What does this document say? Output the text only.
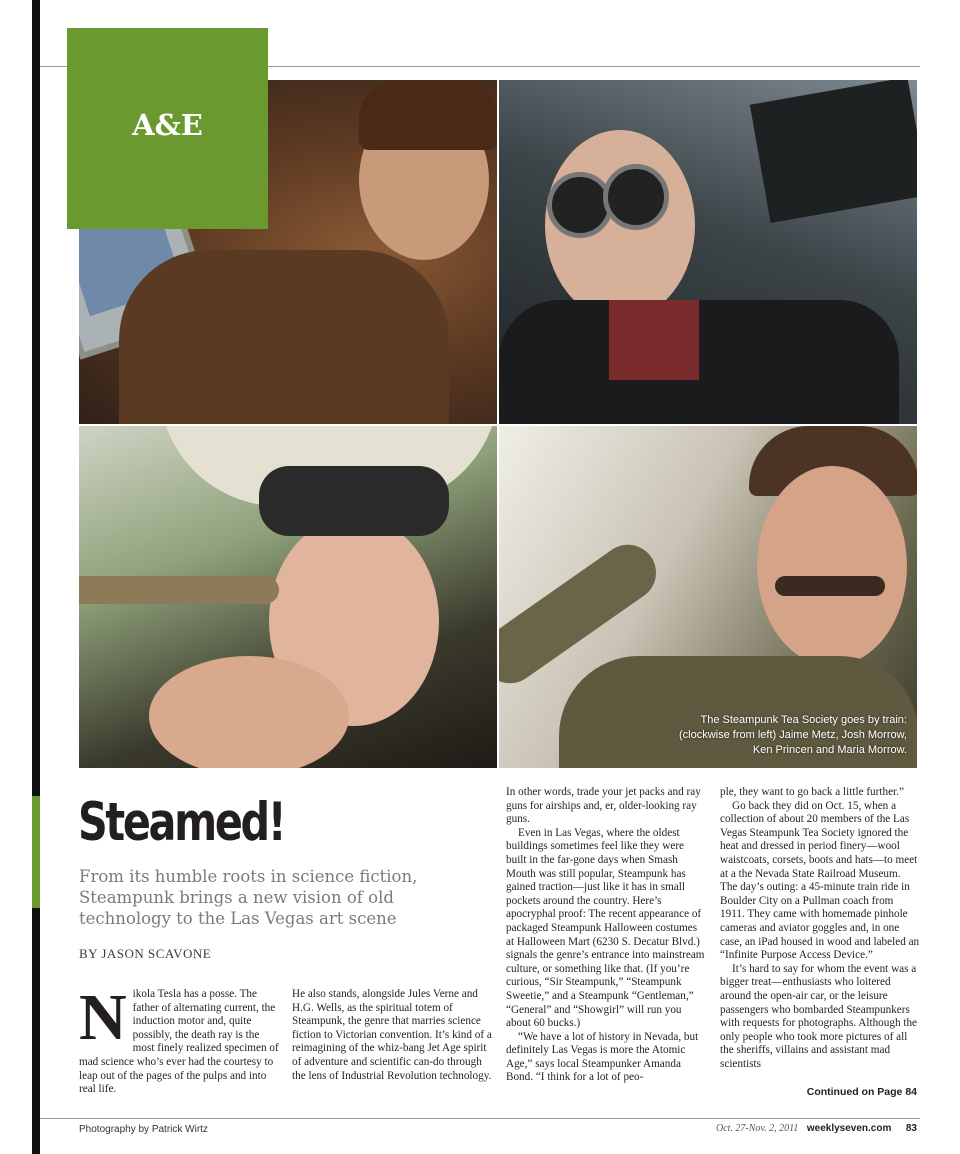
The Steampunk Tea Society goes by train: (clockwise from left) Jaime Metz, Josh Morrow, Ken Princen and Maria Morrow.
A&E
Steamed!
From its humble roots in science fiction, Steampunk brings a new vision of old technology to the Las Vegas art scene
BY JASON SCAVONE
N ikola Tesla has a posse. The father of alternating current, the induction motor and, quite possibly, the death ray is the most finely realized specimen of mad science who’s ever had the courtesy to leap out of the pages of the pulps and into real life.

He also stands, alongside Jules Verne and H.G. Wells, as the spiritual totem of Steampunk, the genre that marries science fiction to Victorian convention. It’s kind of a reimagining of the whiz-bang Jet Age spirit of adventure and scientific can-do through the lens of Industrial Revolution technology.

In other words, trade your jet packs and ray guns for airships and, er, older-looking ray guns.

Even in Las Vegas, where the oldest buildings sometimes feel like they were built in the far-gone days when Smash Mouth was still popular, Steampunk has gained traction—just like it has in small pockets around the country. Here’s apocryphal proof: The recent appearance of packaged Steampunk Halloween costumes at Halloween Mart (6230 S. Decatur Blvd.) signals the genre’s entrance into mainstream culture, or something like that. (If you’re curious, “Sir Steampunk,” “Steampunk Sweetie,” and a Steampunk “Gentleman,” “General” and “Showgirl” will run you about 60 bucks.)

“We have a lot of history in Nevada, but definitely Las Vegas is more the Atomic Age,” says local Steampunker Amanda Bond. “I think for a lot of peo-

ple, they want to go back a little further.”

Go back they did on Oct. 15, when a collection of about 20 members of the Las Vegas Steampunk Tea Society ignored the heat and dressed in period finery—wool waistcoats, corsets, boots and hats—to meet at a the Nevada State Railroad Museum. The day’s outing: a 45-minute train ride in Boulder City on a Pullman coach from 1911. They came with homemade pinhole cameras and aviator goggles and, in one case, an iPad housed in wood and labeled an “Infinite Purpose Access Device.”

It’s hard to say for whom the event was a bigger treat—enthusiasts who loitered around the open-air car, or the leisure passengers who bombarded Steampunkers with requests for photographs. Although the only people who took more pictures of all the sheriffs, villains and assistant mad scientists

Continued on Page 84
Photography by Patrick Wirtz	Oct. 27-Nov. 2, 2011 weeklyseven.com 83
